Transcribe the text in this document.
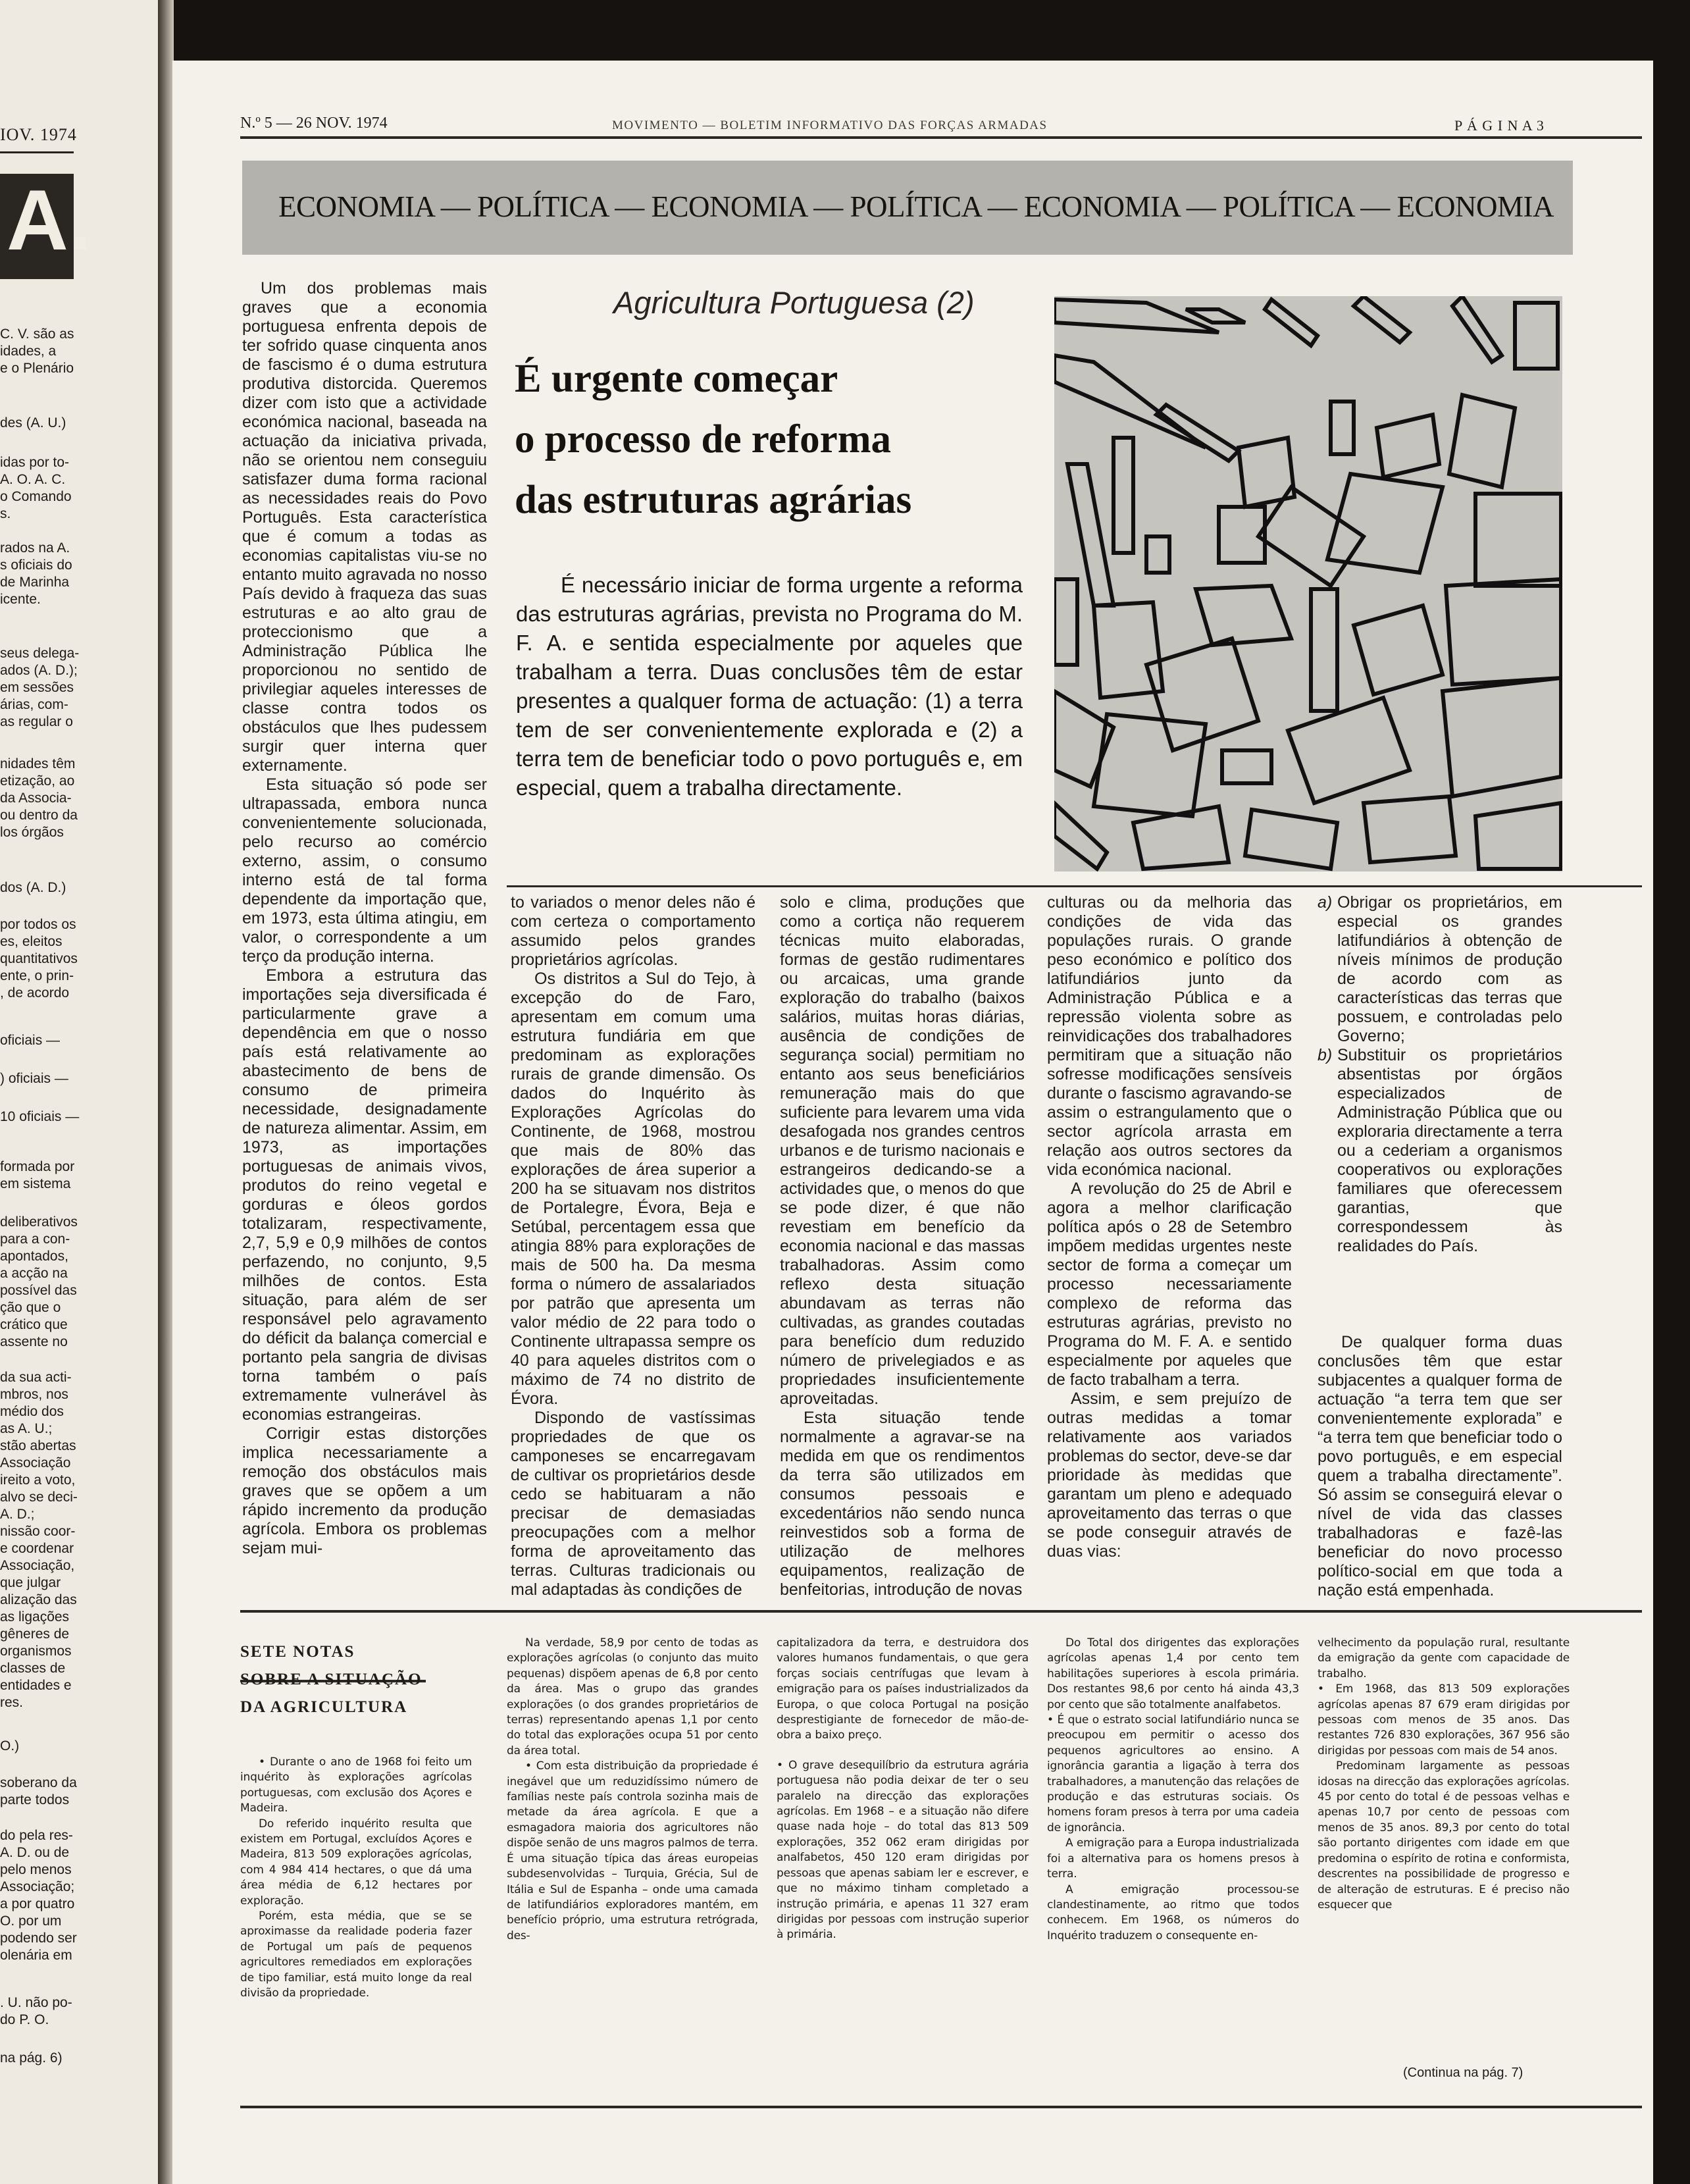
IOV. 1974
A.
C. V. são as
idades, a
e o Plenário
des (A. U.)
idas por to-
A. O. A. C.
o Comando
s.
rados na A.
s oficiais do
de Marinha
icente.
seus delega-
ados (A. D.);
em sessões
árias, com-
as regular o
nidades têm
etização, ao
da Associa-
ou dentro da
los órgãos
dos (A. D.)
por todos os
es, eleitos
quantitativos
ente, o prin-
, de acordo
oficiais —
) oficiais —
10 oficiais —
formada por
em sistema
deliberativos
para a con-
apontados,
a acção na
possível das
ção que o
crático que
assente no
da sua acti-
mbros, nos
médio dos
as A. U.;
stão abertas
Associação
ireito a voto,
alvo se deci-
A. D.;
nissão coor-
e coordenar
Associação,
que julgar
alização das
as ligações
gêneres de
organismos
classes de
entidades e
res.
O.)
soberano da
parte todos
do pela res-
A. D. ou de
pelo menos
Associação;
a por quatro
O. por um
podendo ser
olenária em
. U. não po-
do P. O.
na pág. 6)
N.º 5 — 26 NOV. 1974	MOVIMENTO — BOLETIM INFORMATIVO DAS FORÇAS ARMADAS	P Á G I N A 3
ECONOMIA — POLÍTICA — ECONOMIA — POLÍTICA — ECONOMIA — POLÍTICA — ECONOMIA

Um dos problemas mais graves que a economia portuguesa enfrenta depois de ter sofrido quase cinquenta anos de fascismo é o duma estrutura produtiva distorcida. Queremos dizer com isto que a actividade económica nacional, baseada na actuação da iniciativa privada, não se orientou nem conseguiu satisfazer duma forma racional as necessidades reais do Povo Português. Esta característica que é comum a todas as economias capitalistas viu-se no entanto muito agravada no nosso País devido à fraqueza das suas estruturas e ao alto grau de proteccionismo que a Administração Pública lhe proporcionou no sentido de privilegiar aqueles interesses de classe contra todos os obstáculos que lhes pudessem surgir quer interna quer externamente.

Esta situação só pode ser ultrapassada, embora nunca convenientemente solucionada, pelo recurso ao comércio externo, assim, o consumo interno está de tal forma dependente da importação que, em 1973, esta última atingiu, em valor, o correspondente a um terço da produção interna.

Embora a estrutura das importações seja diversificada é particularmente grave a dependência em que o nosso país está relativamente ao abastecimento de bens de consumo de primeira necessidade, designadamente de natureza alimentar. Assim, em 1973, as importações portuguesas de animais vivos, produtos do reino vegetal e gorduras e óleos gordos totalizaram, respectivamente, 2,7, 5,9 e 0,9 milhões de contos perfazendo, no conjunto, 9,5 milhões de contos. Esta situação, para além de ser responsável pelo agravamento do déficit da balança comercial e portanto pela sangria de divisas torna também o país extremamente vulnerável às economias estrangeiras.

Corrigir estas distorções implica necessariamente a remoção dos obstáculos mais graves que se opõem a um rápido incremento da produção agrícola. Embora os problemas sejam mui-

Agricultura Portuguesa (2)
É urgente começar
o processo de reforma
das estruturas agrárias
É necessário iniciar de forma urgente a reforma das estruturas agrárias, prevista no Programa do M. F. A. e sentida especialmente por aqueles que trabalham a terra. Duas conclusões têm de estar presentes a qualquer forma de actuação: (1) a terra tem de ser convenientemente explorada e (2) a terra tem de beneficiar todo o povo português e, em especial, quem a trabalha directamente.

to variados o menor deles não é com certeza o comportamento assumido pelos grandes proprietários agrícolas.

Os distritos a Sul do Tejo, à excepção do de Faro, apresentam em comum uma estrutura fundiária em que predominam as explorações rurais de grande dimensão. Os dados do Inquérito às Explorações Agrícolas do Continente, de 1968, mostrou que mais de 80% das explorações de área superior a 200 ha se situavam nos distritos de Portalegre, Évora, Beja e Setúbal, percentagem essa que atingia 88% para explorações de mais de 500 ha. Da mesma forma o número de assalariados por patrão que apresenta um valor médio de 22 para todo o Continente ultrapassa sempre os 40 para aqueles distritos com o máximo de 74 no distrito de Évora.

Dispondo de vastíssimas propriedades de que os camponeses se encarregavam de cultivar os proprietários desde cedo se habituaram a não precisar de demasiadas preocupações com a melhor forma de aproveitamento das terras. Culturas tradicionais ou mal adaptadas às condições de

solo e clima, produções que como a cortiça não requerem técnicas muito elaboradas, formas de gestão rudimentares ou arcaicas, uma grande exploração do trabalho (baixos salários, muitas horas diárias, ausência de condições de segurança social) permitiam no entanto aos seus beneficiários remuneração mais do que suficiente para levarem uma vida desafogada nos grandes centros urbanos e de turismo nacionais e estrangeiros dedicando-se a actividades que, o menos do que se pode dizer, é que não revestiam em benefício da economia nacional e das massas trabalhadoras. Assim como reflexo desta situação abundavam as terras não cultivadas, as grandes coutadas para benefício dum reduzido número de privelegiados e as propriedades insuficientemente aproveitadas.

Esta situação tende normalmente a agravar-se na medida em que os rendimentos da terra são utilizados em consumos pessoais e excedentários não sendo nunca reinvestidos sob a forma de utilização de melhores equipamentos, realização de benfeitorias, introdução de novas

culturas ou da melhoria das condições de vida das populações rurais. O grande peso económico e político dos latifundiários junto da Administração Pública e a repressão violenta sobre as reinvidicações dos trabalhadores permitiram que a situação não sofresse modificações sensíveis durante o fascismo agravando-se assim o estrangulamento que o sector agrícola arrasta em relação aos outros sectores da vida económica nacional.

A revolução do 25 de Abril e agora a melhor clarificação política após o 28 de Setembro impõem medidas urgentes neste sector de forma a começar um processo necessariamente complexo de reforma das estruturas agrárias, previsto no Programa do M. F. A. e sentido especialmente por aqueles que de facto trabalham a terra.

Assim, e sem prejuízo de outras medidas a tomar relativamente aos variados problemas do sector, deve-se dar prioridade às medidas que garantam um pleno e adequado aproveitamento das terras o que se pode conseguir através de duas vias:

a) Obrigar os proprietários, em especial os grandes latifundiários à obtenção de níveis mínimos de produção de acordo com as características das terras que possuem, e controladas pelo Governo;
b) Substituir os proprietários absentistas por órgãos especializados de Administração Pública que ou exploraria directamente a terra ou a cederiam a organismos cooperativos ou explorações familiares que oferecessem garantias, que correspondessem às realidades do País.

De qualquer forma duas conclusões têm que estar subjacentes a qualquer forma de actuação “a terra tem que ser convenientemente explorada” e “a terra tem que beneficiar todo o povo português, e em especial quem a trabalha directamente”. Só assim se conseguirá elevar o nível de vida das classes trabalhadoras e fazê-las beneficiar do novo processo político-social em que toda a nação está empenhada.

SETE NOTAS
SOBRE A SITUAÇÃO
DA AGRICULTURA

• Durante o ano de 1968 foi feito um inquérito às explorações agrícolas portuguesas, com exclusão dos Açores e Madeira.

Do referido inquérito resulta que existem em Portugal, excluídos Açores e Madeira, 813 509 explorações agrícolas, com 4 984 414 hectares, o que dá uma área média de 6,12 hectares por exploração.

Porém, esta média, que se se aproximasse da realidade poderia fazer de Portugal um país de pequenos agricultores remediados em explorações de tipo familiar, está muito longe da real divisão da propriedade.

Na verdade, 58,9 por cento de todas as explorações agrícolas (o conjunto das muito pequenas) dispõem apenas de 6,8 por cento da área. Mas o grupo das grandes explorações (o dos grandes proprietários de terras) representando apenas 1,1 por cento do total das explorações ocupa 51 por cento da área total.

• Com esta distribuição da propriedade é inegável que um reduzidíssimo número de famílias neste país controla sozinha mais de metade da área agrícola. E que a esmagadora maioria dos agricultores não dispõe senão de uns magros palmos de terra. É uma situação típica das áreas europeias subdesenvolvidas – Turquia, Grécia, Sul de Itália e Sul de Espanha – onde uma camada de latifundiários exploradores mantém, em benefício próprio, uma estrutura retrógrada, des-

capitalizadora da terra, e destruidora dos valores humanos fundamentais, o que gera forças sociais centrífugas que levam à emigração para os países industrializados da Europa, o que coloca Portugal na posição desprestigiante de fornecedor de mão-de-obra a baixo preço.

• O grave desequilíbrio da estrutura agrária portuguesa não podia deixar de ter o seu paralelo na direcção das explorações agrícolas. Em 1968 – e a situação não difere quase nada hoje – do total das 813 509 explorações, 352 062 eram dirigidas por analfabetos, 450 120 eram dirigidas por pessoas que apenas sabiam ler e escrever, e que no máximo tinham completado a instrução primária, e apenas 11 327 eram dirigidas por pessoas com instrução superior à primária.

Do Total dos dirigentes das explorações agrícolas apenas 1,4 por cento tem habilitações superiores à escola primária. Dos restantes 98,6 por cento há ainda 43,3 por cento que são totalmente analfabetos.

• É que o estrato social latifundiário nunca se preocupou em permitir o acesso dos pequenos agricultores ao ensino. A ignorância garantia a ligação à terra dos trabalhadores, a manutenção das relações de produção e das estruturas sociais. Os homens foram presos à terra por uma cadeia de ignorância.

A emigração para a Europa industrializada foi a alternativa para os homens presos à terra.

A emigração processou-se clandestinamente, ao ritmo que todos conhecem. Em 1968, os números do Inquérito traduzem o consequente en-

velhecimento da população rural, resultante da emigração da gente com capacidade de trabalho.

• Em 1968, das 813 509 explorações agrícolas apenas 87 679 eram dirigidas por pessoas com menos de 35 anos. Das restantes 726 830 explorações, 367 956 são dirigidas por pessoas com mais de 54 anos.

Predominam largamente as pessoas idosas na direcção das explorações agrícolas. 45 por cento do total é de pessoas velhas e apenas 10,7 por cento de pessoas com menos de 35 anos. 89,3 por cento do total são portanto dirigentes com idade em que predomina o espírito de rotina e conformista, descrentes na possibilidade de progresso e de alteração de estruturas. E é preciso não esquecer que

(Continua na pág. 7)
